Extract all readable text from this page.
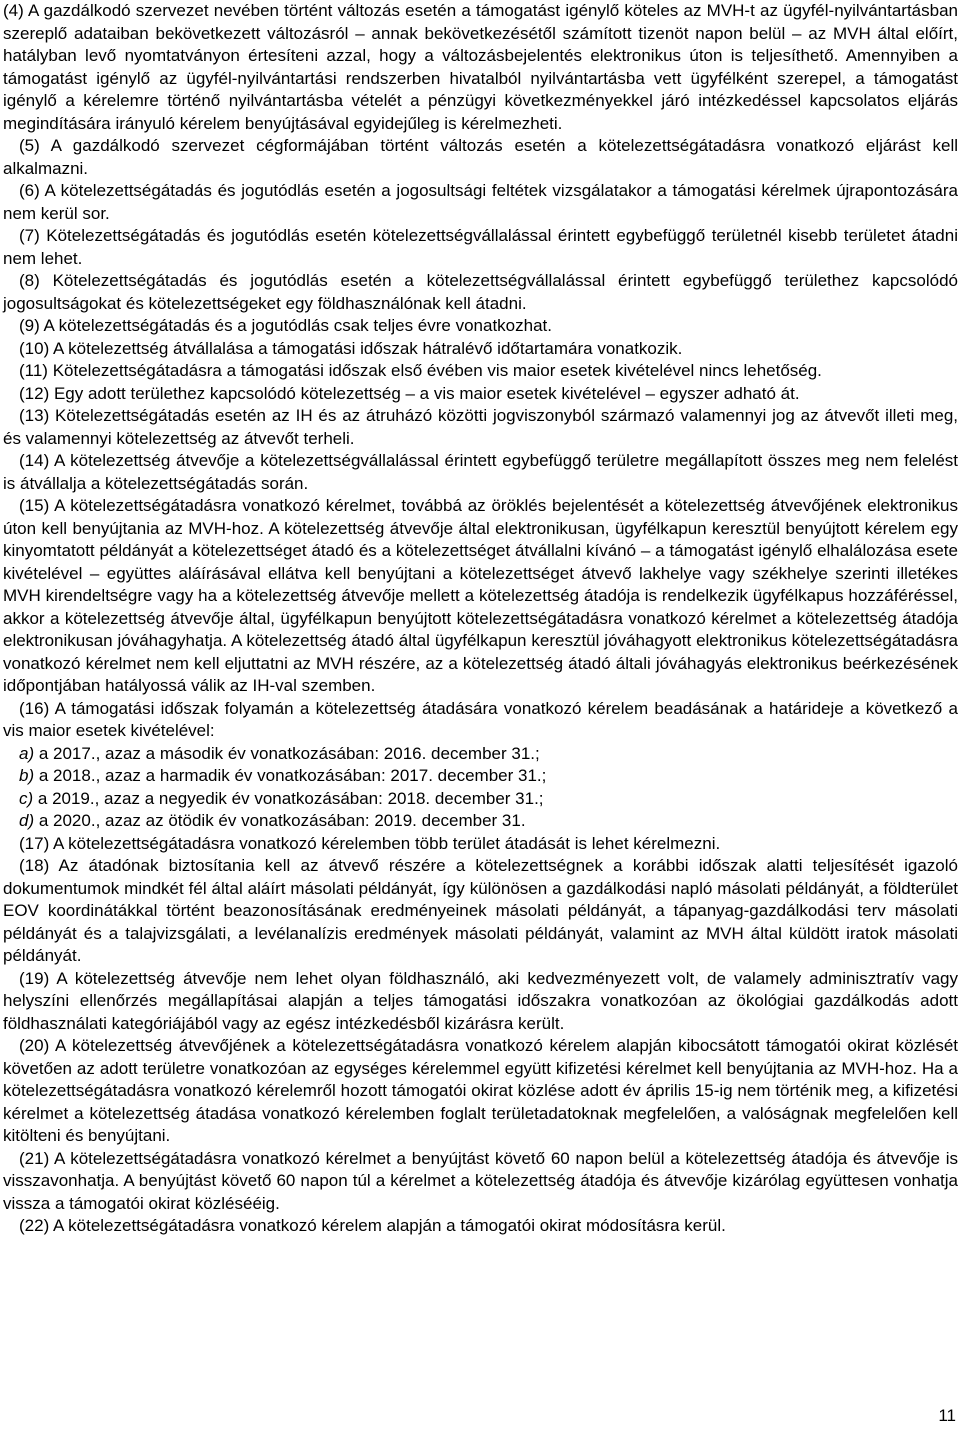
(4) A gazdálkodó szervezet nevében történt változás esetén a támogatást igénylő köteles az MVH-t az ügyfél-nyilvántartásban szereplő adataiban bekövetkezett változásról – annak bekövetkezésétől számított tizenöt napon belül – az MVH által előírt, hatályban levő nyomtatványon értesíteni azzal, hogy a változásbejelentés elektronikus úton is teljesíthető. Amennyiben a támogatást igénylő az ügyfél-nyilvántartási rendszerben hivatalból nyilvántartásba vett ügyfélként szerepel, a támogatást igénylő a kérelemre történő nyilvántartásba vételét a pénzügyi következményekkel járó intézkedéssel kapcsolatos eljárás megindítására irányuló kérelem benyújtásával egyidejűleg is kérelmezheti.

(5) A gazdálkodó szervezet cégformájában történt változás esetén a kötelezettségátadásra vonatkozó eljárást kell alkalmazni.

(6) A kötelezettségátadás és jogutódlás esetén a jogosultsági feltétek vizsgálatakor a támogatási kérelmek újrapontozására nem kerül sor.

(7) Kötelezettségátadás és jogutódlás esetén kötelezettségvállalással érintett egybefüggő területnél kisebb területet átadni nem lehet.

(8) Kötelezettségátadás és jogutódlás esetén a kötelezettségvállalással érintett egybefüggő területhez kapcsolódó jogosultságokat és kötelezettségeket egy földhasználónak kell átadni.

(9) A kötelezettségátadás és a jogutódlás csak teljes évre vonatkozhat.

(10) A kötelezettség átvállalása a támogatási időszak hátralévő időtartamára vonatkozik.

(11) Kötelezettségátadásra a támogatási időszak első évében vis maior esetek kivételével nincs lehetőség.

(12) Egy adott területhez kapcsolódó kötelezettség – a vis maior esetek kivételével – egyszer adható át.

(13) Kötelezettségátadás esetén az IH és az átruházó közötti jogviszonyból származó valamennyi jog az átvevőt illeti meg, és valamennyi kötelezettség az átvevőt terheli.

(14) A kötelezettség átvevője a kötelezettségvállalással érintett egybefüggő területre megállapított összes meg nem felelést is átvállalja a kötelezettségátadás során.

(15) A kötelezettségátadásra vonatkozó kérelmet, továbbá az öröklés bejelentését a kötelezettség átvevőjének elektronikus úton kell benyújtania az MVH-hoz. A kötelezettség átvevője által elektronikusan, ügyfélkapun keresztül benyújtott kérelem egy kinyomtatott példányát a kötelezettséget átadó és a kötelezettséget átvállalni kívánó – a támogatást igénylő elhalálozása esete kivételével – együttes aláírásával ellátva kell benyújtani a kötelezettséget átvevő lakhelye vagy székhelye szerinti illetékes MVH kirendeltségre vagy ha a kötelezettség átvevője mellett a kötelezettség átadója is rendelkezik ügyfélkapus hozzáféréssel, akkor a kötelezettség átvevője által, ügyfélkapun benyújtott kötelezettségátadásra vonatkozó kérelmet a kötelezettség átadója elektronikusan jóváhagyhatja. A kötelezettség átadó által ügyfélkapun keresztül jóváhagyott elektronikus kötelezettségátadásra vonatkozó kérelmet nem kell eljuttatni az MVH részére, az a kötelezettség átadó általi jóváhagyás elektronikus beérkezésének időpontjában hatályossá válik az IH-val szemben.

(16) A támogatási időszak folyamán a kötelezettség átadására vonatkozó kérelem beadásának a határideje a következő a vis maior esetek kivételével:

a) a 2017., azaz a második év vonatkozásában: 2016. december 31.;

b) a 2018., azaz a harmadik év vonatkozásában: 2017. december 31.;

c) a 2019., azaz a negyedik év vonatkozásában: 2018. december 31.;

d) a 2020., azaz az ötödik év vonatkozásában: 2019. december 31.

(17) A kötelezettségátadásra vonatkozó kérelemben több terület átadását is lehet kérelmezni.

(18) Az átadónak biztosítania kell az átvevő részére a kötelezettségnek a korábbi időszak alatti teljesítését igazoló dokumentumok mindkét fél által aláírt másolati példányát, így különösen a gazdálkodási napló másolati példányát, a földterület EOV koordinátákkal történt beazonosításának eredményeinek másolati példányát, a tápanyag-gazdálkodási terv másolati példányát és a talajvizsgálati, a levélanalízis eredmények másolati példányát, valamint az MVH által küldött iratok másolati példányát.

(19) A kötelezettség átvevője nem lehet olyan földhasználó, aki kedvezményezett volt, de valamely adminisztratív vagy helyszíni ellenőrzés megállapításai alapján a teljes támogatási időszakra vonatkozóan az ökológiai gazdálkodás adott földhasználati kategóriájából vagy az egész intézkedésből kizárásra került.

(20) A kötelezettség átvevőjének a kötelezettségátadásra vonatkozó kérelem alapján kibocsátott támogatói okirat közlését követően az adott területre vonatkozóan az egységes kérelemmel együtt kifizetési kérelmet kell benyújtania az MVH-hoz. Ha a kötelezettségátadásra vonatkozó kérelemről hozott támogatói okirat közlése adott év április 15-ig nem történik meg, a kifizetési kérelmet a kötelezettség átadása vonatkozó kérelemben foglalt területadatoknak megfelelően, a valóságnak megfelelően kell kitölteni és benyújtani.

(21) A kötelezettségátadásra vonatkozó kérelmet a benyújtást követő 60 napon belül a kötelezettség átadója és átvevője is visszavonhatja. A benyújtást követő 60 napon túl a kérelmet a kötelezettség átadója és átvevője kizárólag együttesen vonhatja vissza a támogatói okirat közlésééig.

(22) A kötelezettségátadásra vonatkozó kérelem alapján a támogatói okirat módosításra kerül.

11
